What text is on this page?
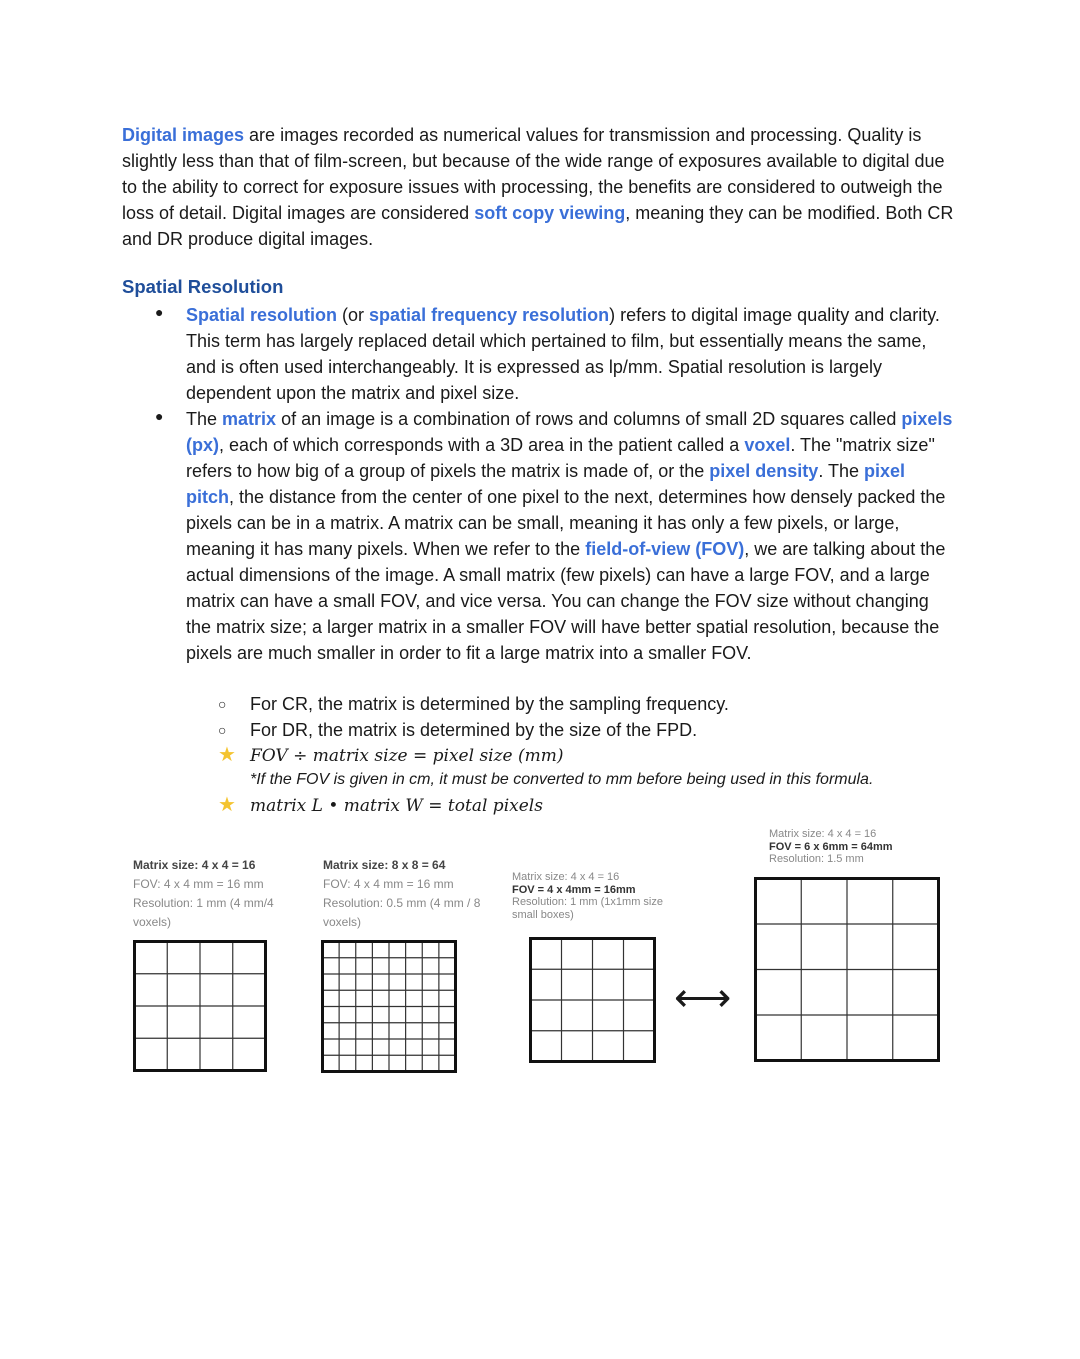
Digital images are images recorded as numerical values for transmission and processing. Quality is slightly less than that of film-screen, but because of the wide range of exposures available to digital due to the ability to correct for exposure issues with processing, the benefits are considered to outweigh the loss of detail. Digital images are considered soft copy viewing, meaning they can be modified. Both CR and DR produce digital images.
Spatial Resolution
● Spatial resolution (or spatial frequency resolution) refers to digital image quality and clarity. This term has largely replaced detail which pertained to film, but essentially means the same, and is often used interchangeably. It is expressed as lp/mm. Spatial resolution is largely dependent upon the matrix and pixel size.
● The matrix of an image is a combination of rows and columns of small 2D squares called pixels (px), each of which corresponds with a 3D area in the patient called a voxel. The "matrix size" refers to how big of a group of pixels the matrix is made of, or the pixel density. The pixel pitch, the distance from the center of one pixel to the next, determines how densely packed the pixels can be in a matrix. A matrix can be small, meaning it has only a few pixels, or large, meaning it has many pixels. When we refer to the field-of-view (FOV), we are talking about the actual dimensions of the image. A small matrix (few pixels) can have a large FOV, and a large matrix can have a small FOV, and vice versa. You can change the FOV size without changing the matrix size; a larger matrix in a smaller FOV will have better spatial resolution, because the pixels are much smaller in order to fit a large matrix into a smaller FOV.
○ For CR, the matrix is determined by the sampling frequency.
○ For DR, the matrix is determined by the size of the FPD.
★ FOV ÷ matrix size = pixel size (mm)
*If the FOV is given in cm, it must be converted to mm before being used in this formula.
★ matrix L • matrix W = total pixels
Matrix size: 4 x 4 = 16
FOV: 4 x 4 mm = 16 mm
Resolution: 1 mm (4 mm/4 voxels)
Matrix size: 8 x 8 = 64
FOV: 4 x 4 mm = 16 mm
Resolution: 0.5 mm (4 mm / 8 voxels)
Matrix size: 4 x 4 = 16
FOV = 4 x 4mm = 16mm
Resolution: 1 mm (1x1mm size small boxes)
Matrix size: 4 x 4 = 16
FOV = 6 x 6mm = 64mm
Resolution: 1.5 mm
⟷
